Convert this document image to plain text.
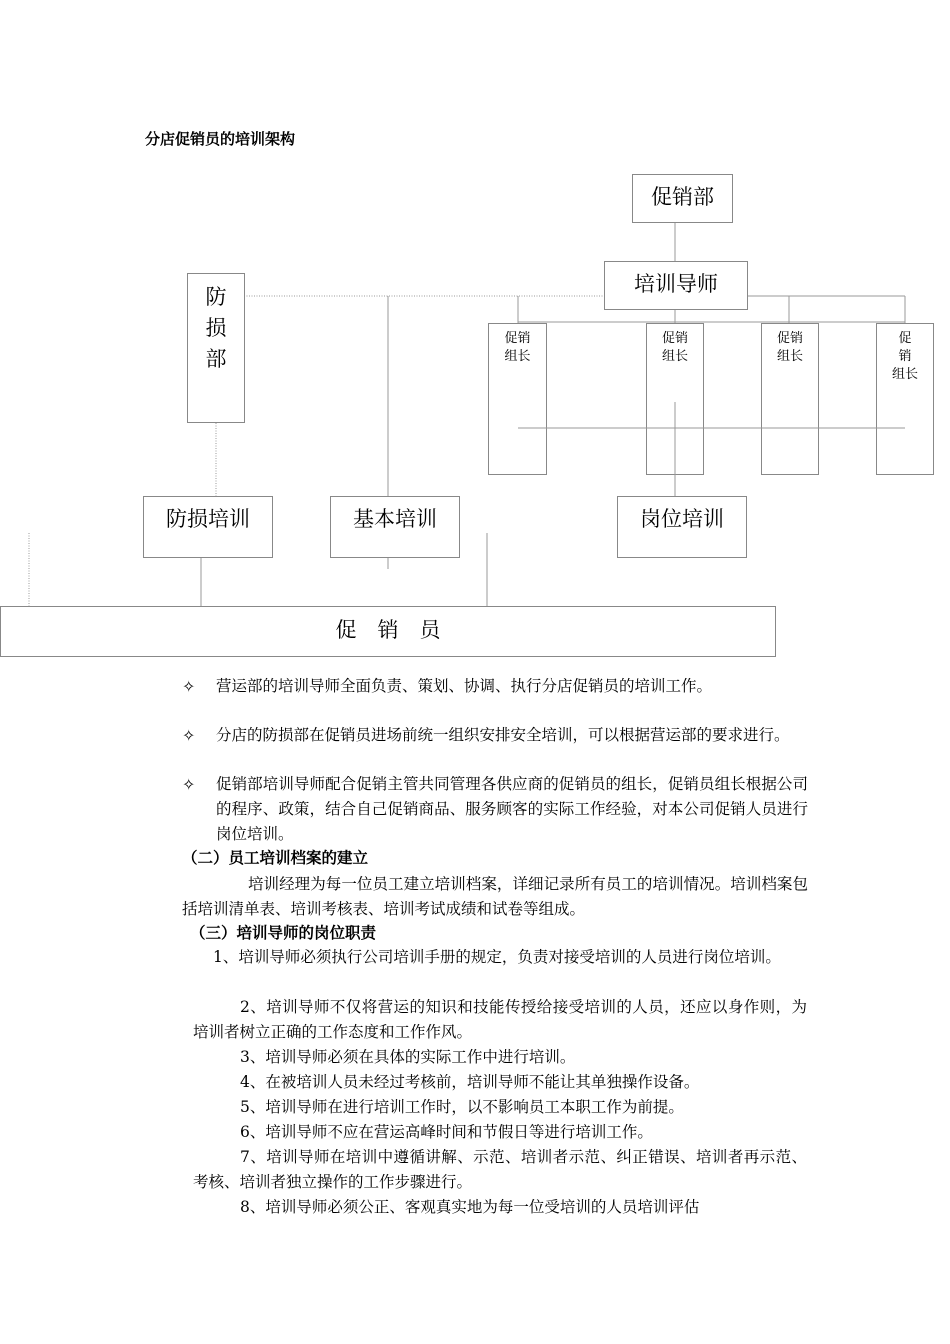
分店促销员的培训架构
促销部
培训导师
防
损
部
促销
组长
促销
组长
促销
组长
促
销
组长
防损培训	基本培训	岗位培训
促　销　员
✧ 营运部的培训导师全面负责、策划、协调、执行分店促销员的培训工作。
✧ 分店的防损部在促销员进场前统一组织安排安全培训，可以根据营运部的要求进行。
✧ 促销部培训导师配合促销主管共同管理各供应商的促销员的组长，促销员组长根据公司的程序、政策，结合自己促销商品、服务顾客的实际工作经验，对本公司促销人员进行岗位培训。
（二）员工培训档案的建立

培训经理为每一位员工建立培训档案，详细记录所有员工的培训情况。培训档案包括培训清单表、培训考核表、培训考试成绩和试卷等组成。

（三）培训导师的岗位职责

1、培训导师必须执行公司培训手册的规定，负责对接受培训的人员进行岗位培训。

2、培训导师不仅将营运的知识和技能传授给接受培训的人员，还应以身作则，为培训者树立正确的工作态度和工作作风。

3、培训导师必须在具体的实际工作中进行培训。

4、在被培训人员未经过考核前，培训导师不能让其单独操作设备。

5、培训导师在进行培训工作时，以不影响员工本职工作为前提。

6、培训导师不应在营运高峰时间和节假日等进行培训工作。

7、培训导师在培训中遵循讲解、示范、培训者示范、纠正错误、培训者再示范、考核、培训者独立操作的工作步骤进行。

8、培训导师必须公正、客观真实地为每一位受培训的人员培训评估
